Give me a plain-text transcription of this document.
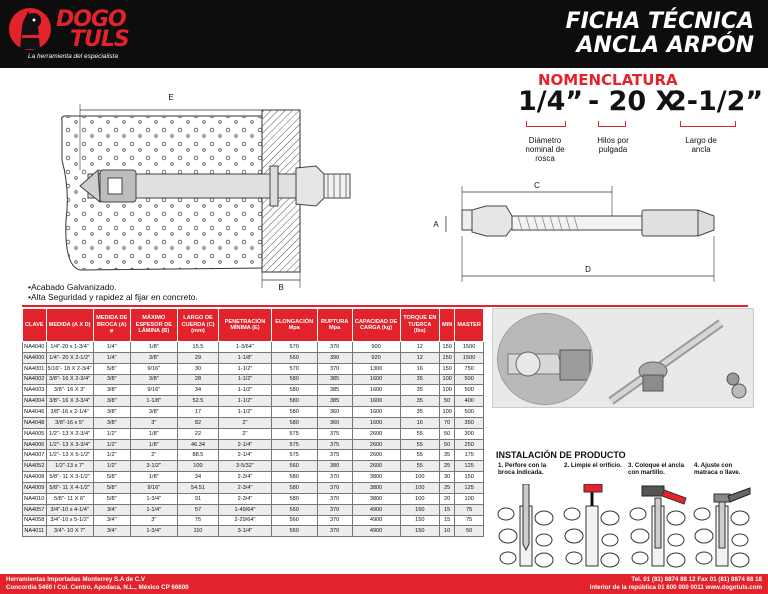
DOGO
TULS
La herramienta del especialista
FICHA TÉCNICA
ANCLA ARPÓN
NOMENCLATURA
1/4” - 20 X
2-1/2”
Diámetro nominal de rosca
Hilos por pulgada
Largo de ancla
E
B
C
A
D
•Acabado Galvanizado.
•Alta Seguridad y rapidez al fijar en concreto.
CLAVE	MEDIDA (A X D)	MEDIDA DE BROCA (A) ⌀	MÁXIMO ESPESOR DE LÁMINA (B)	LARGO DE CUERDA (C) (mm)	PENETRACIÓN MÍNIMA (E)	ELONGACIÓN Mpa	RUPTURA Mpa	CAPACIDAD DE CARGA (kg)	TORQUE EN TUERCA (lbs)	MIN	MASTER
NA4040	1/4"-20 x 1-3/4"	1/4"	1/8"	15.5	1-3/64"	570	370	900	12	150	1500
NA4000	1/4"- 20 X 2-1/2"	1/4"	3/8"	29	1-1/8"	560	390	920	12	150	1500
NA4001	5/16"- 18 X 2-3/4"	5/8"	9/16"	30	1-1/2"	570	370	1300	16	150	750
NA4002	3/8"- 16 X 2-3/4"	3/8"	3/8"	28	1-1/2"	580	385	1600	35	100	500
NA4003	3/8"- 16 X 3"	3/8"	9/16"	34	1-1/2"	580	385	1600	35	100	500
NA4004	3/8"- 16 X 3-3/4"	3/8"	1-1/8"	52.5	1-1/2"	580	385	1600	35	50	400
NA4046	3/8"-16 x 2-1/4"	3/8"	3/8"	17	1-1/2"	580	360	1600	35	100	500
NA4048	3/8"-16 x 5"	3/8"	3"	82	2"	580	360	1600	16	70	350
NA4005	1/2"- 13 X 2-3/4"	1/2"	1/8"	22	2"	575	375	2600	55	50	300
NA4006	1/2"- 13 X 3-3/4"	1/2"	1/8"	46.34	2-1/4"	575	375	2600	55	50	250
NA4007	1/2"- 13 X 5-1/2"	1/2"	2"	88.5	2-1/4"	575	375	2600	55	35	175
NA4052	1/2"-13 x 7"	1/2"	3-1/2"	100	3-5/32"	560	380	2600	55	25	125
NA4008	5/8"- 11 X 3-1/2"	5/8"	1/8"	34	2-3/4"	580	370	3800	100	30	150
NA4009	5/8"- 11 X 4-1/2"	5/8"	9/16"	54.51	2-3/4"	580	370	3800	100	25	125
NA4010	5/8"- 11 X 6"	5/8"	1-3/4"	91	2-3/4"	580	370	3800	100	20	100
NA4057	3/4"-10 x 4-1/4"	3/4"	1-1/4"	57	1-49/64"	560	370	4900	150	15	75
NA4058	3/4"-10 x 5-1/2"	3/4"	3"	75	2-29/64"	560	370	4900	150	15	75
NA4011	3/4"- 10 X 7"	3/4"	1-3/4"	110	3-1/4"	560	370	4900	150	10	50
INSTALACIÓN DE PRODUCTO
1. Perfore con la broca indicada.
2. Limpie el orificio. 3. Coloque el ancla con martillo.
4. Ajuste con matraca o llave.
Herramientas Importadas Monterrey S.A de C.V
Concordia 5460 I Col. Centro, Apodaca, N.L., México CP 66600
Tel. 01 (81) 8874 88 12 Fax 01 (81) 8874 88 18
Interior de la república 01 800 000 0011 www.dogotuls.com
